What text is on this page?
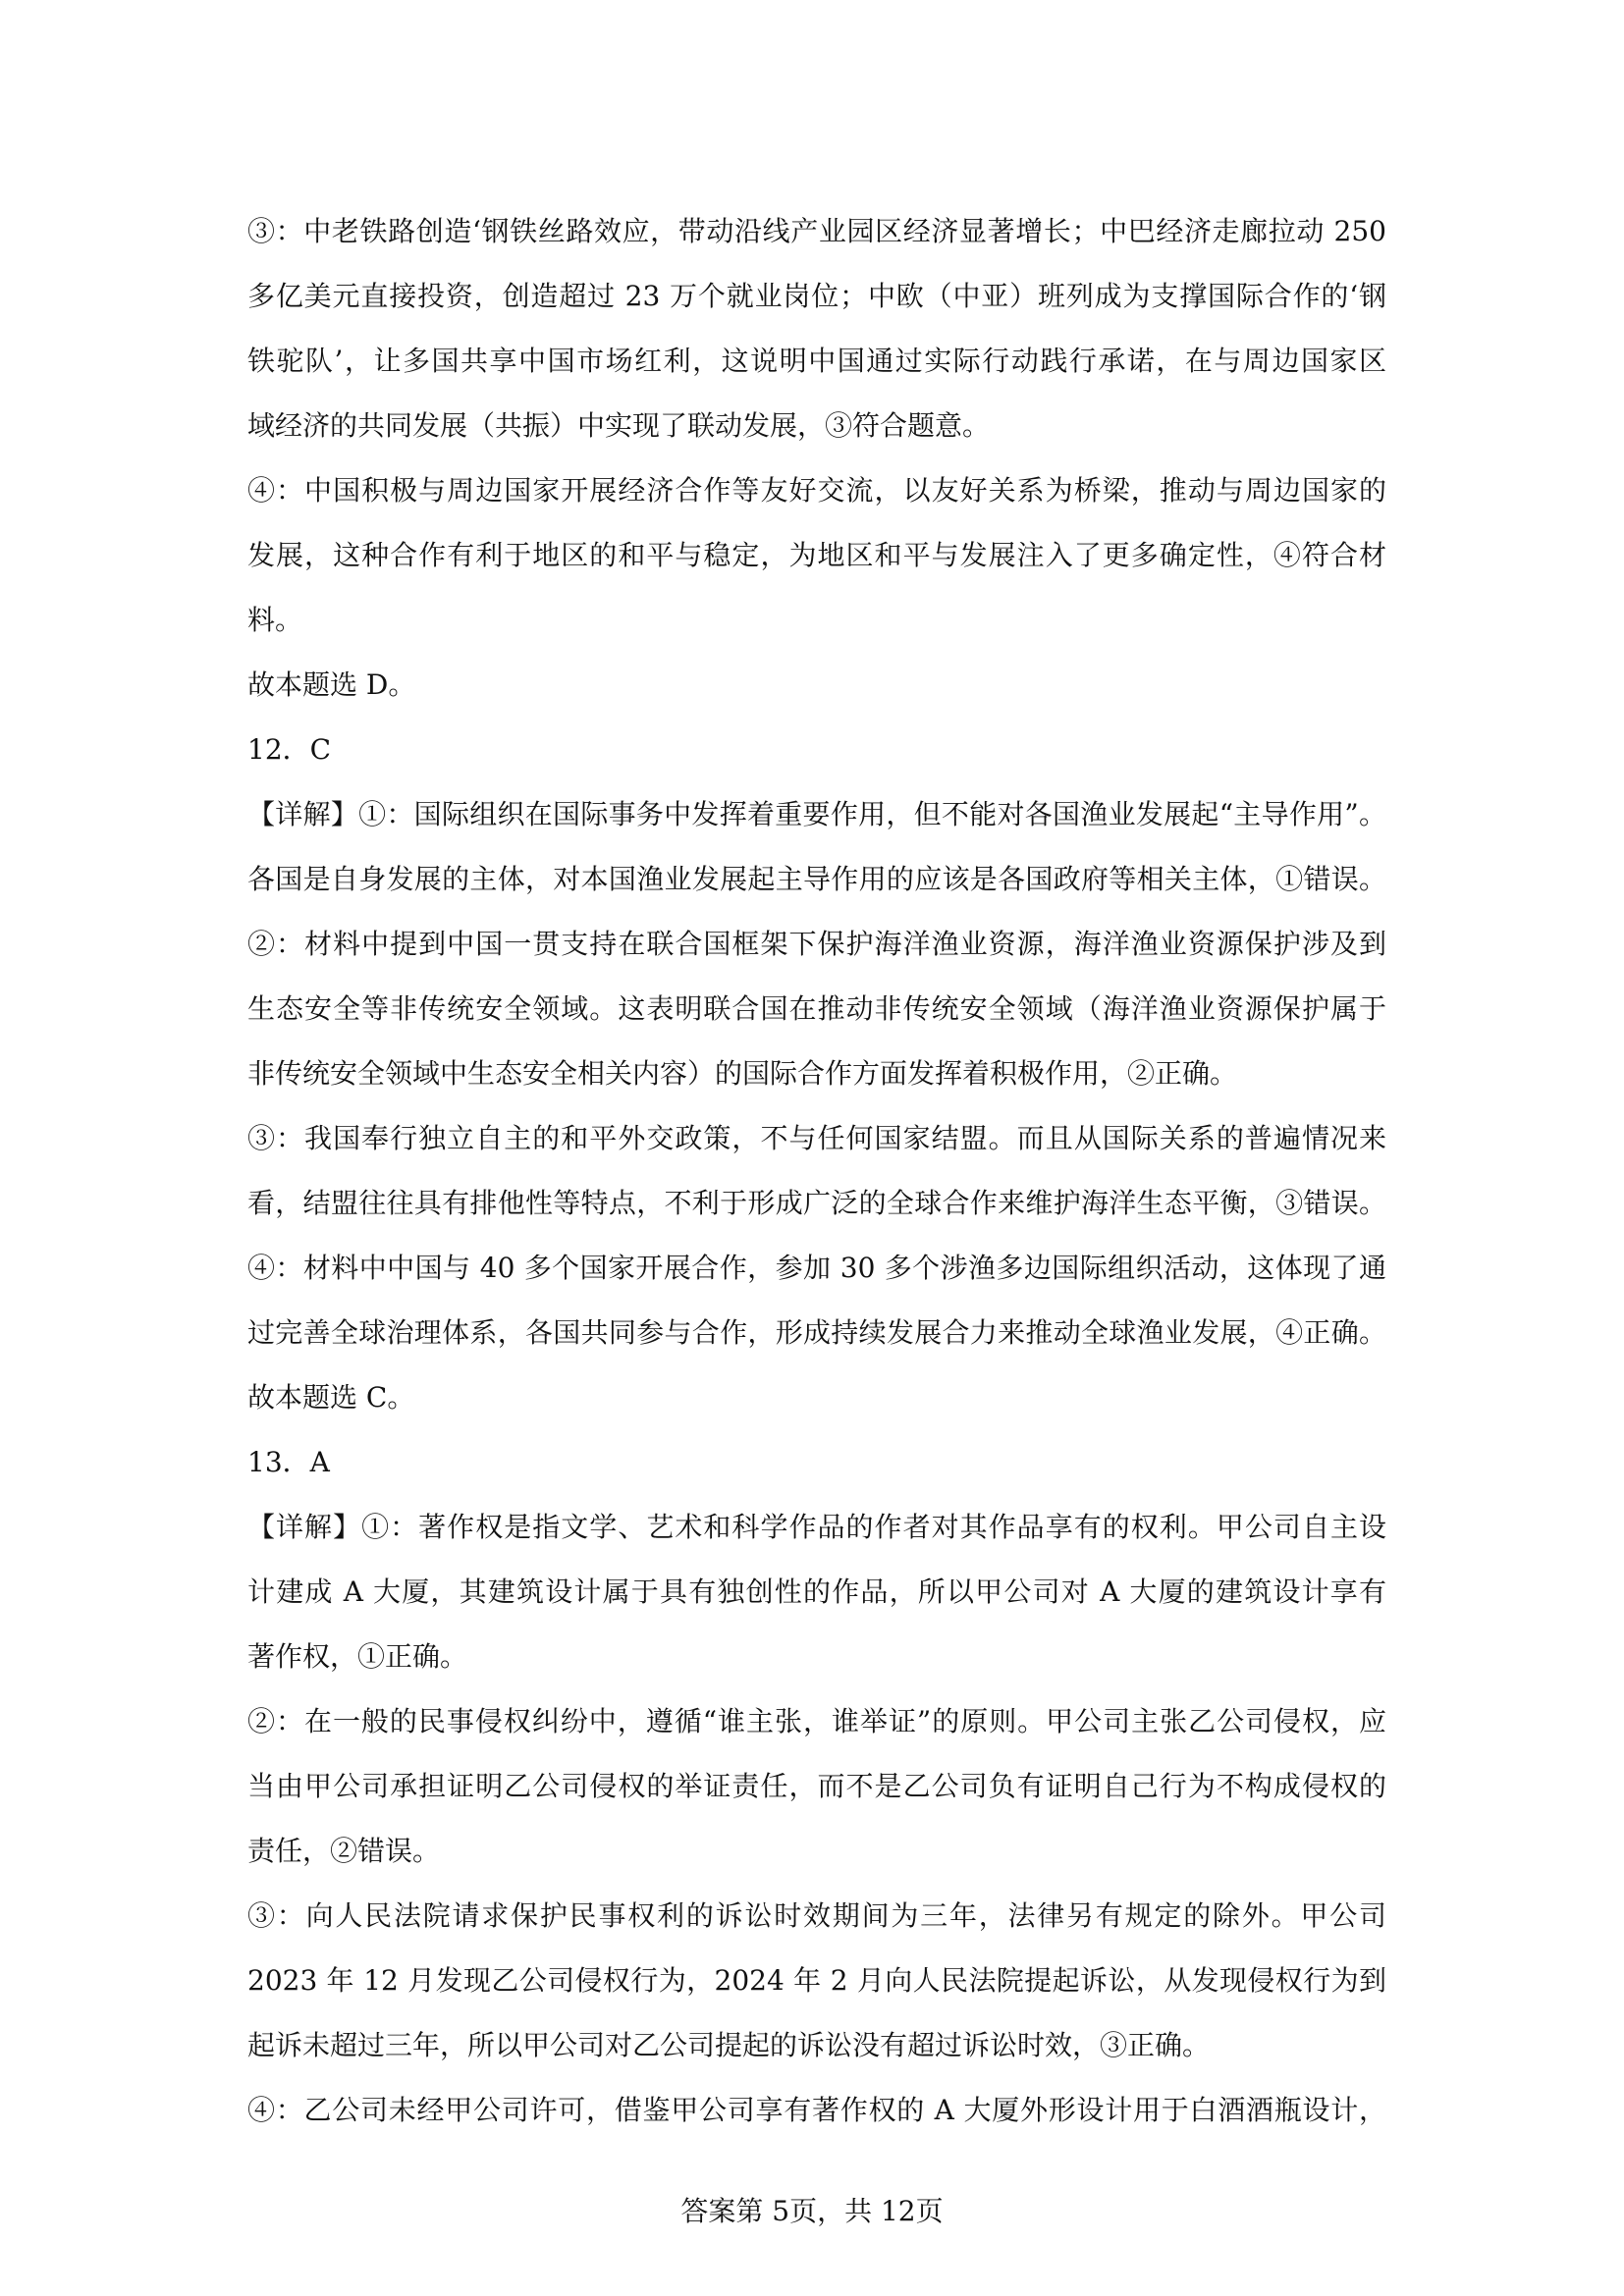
③：中老铁路创造‘钢铁丝路效应，带动沿线产业园区经济显著增长；中巴经济走廊拉动 250
多亿美元直接投资，创造超过 23 万个就业岗位；中欧（中亚）班列成为支撑国际合作的‘钢
铁驼队’，让多国共享中国市场红利，这说明中国通过实际行动践行承诺，在与周边国家区
域经济的共同发展（共振）中实现了联动发展，③符合题意。
④：中国积极与周边国家开展经济合作等友好交流，以友好关系为桥梁，推动与周边国家的
发展，这种合作有利于地区的和平与稳定，为地区和平与发展注入了更多确定性，④符合材
料。
故本题选 D。
12．C
【详解】①：国际组织在国际事务中发挥着重要作用，但不能对各国渔业发展起“主导作用”。
各国是自身发展的主体，对本国渔业发展起主导作用的应该是各国政府等相关主体，①错误。
②：材料中提到中国一贯支持在联合国框架下保护海洋渔业资源，海洋渔业资源保护涉及到
生态安全等非传统安全领域。这表明联合国在推动非传统安全领域（海洋渔业资源保护属于
非传统安全领域中生态安全相关内容）的国际合作方面发挥着积极作用，②正确。
③：我国奉行独立自主的和平外交政策，不与任何国家结盟。而且从国际关系的普遍情况来
看，结盟往往具有排他性等特点，不利于形成广泛的全球合作来维护海洋生态平衡，③错误。
④：材料中中国与 40 多个国家开展合作，参加 30 多个涉渔多边国际组织活动，这体现了通
过完善全球治理体系，各国共同参与合作，形成持续发展合力来推动全球渔业发展，④正确。
故本题选 C。
13．A
【详解】①：著作权是指文学、艺术和科学作品的作者对其作品享有的权利。甲公司自主设
计建成 A 大厦，其建筑设计属于具有独创性的作品，所以甲公司对 A 大厦的建筑设计享有
著作权，①正确。
②：在一般的民事侵权纠纷中，遵循“谁主张，谁举证”的原则。甲公司主张乙公司侵权，应
当由甲公司承担证明乙公司侵权的举证责任，而不是乙公司负有证明自己行为不构成侵权的
责任，②错误。
③：向人民法院请求保护民事权利的诉讼时效期间为三年，法律另有规定的除外。甲公司
2023 年 12 月发现乙公司侵权行为，2024 年 2 月向人民法院提起诉讼，从发现侵权行为到
起诉未超过三年，所以甲公司对乙公司提起的诉讼没有超过诉讼时效，③正确。
④：乙公司未经甲公司许可，借鉴甲公司享有著作权的 A 大厦外形设计用于白酒酒瓶设计，
答案第 5页，共 12页
